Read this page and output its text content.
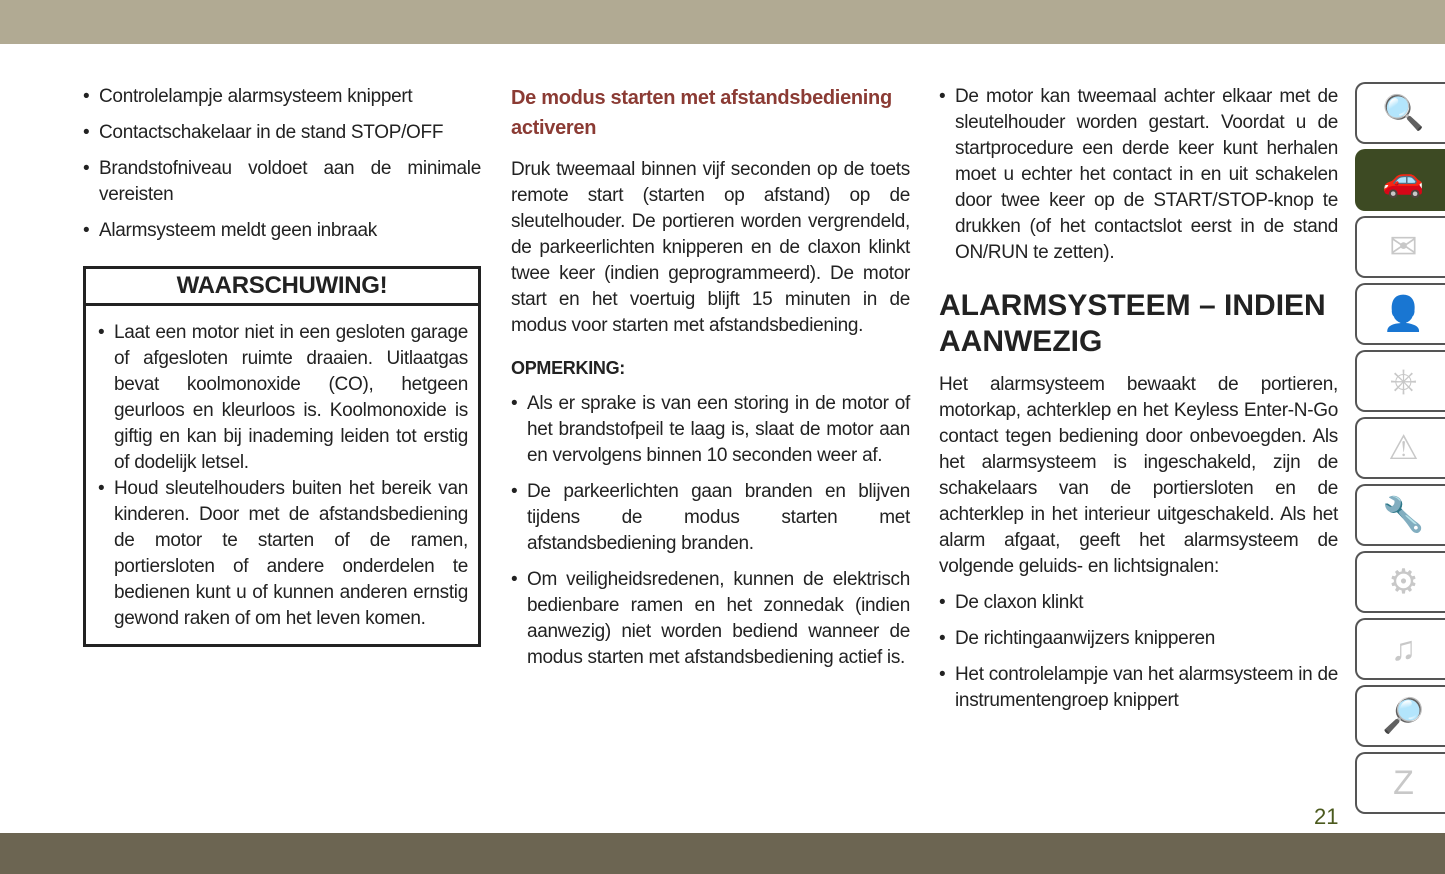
• Controlelampje alarmsysteem knippert
• Contactschakelaar in de stand STOP/OFF
• Brandstofniveau voldoet aan de minimale vereisten
• Alarmsysteem meldt geen inbraak
WAARSCHUWING!
• Laat een motor niet in een gesloten garage of afgesloten ruimte draaien. Uitlaatgas bevat koolmonoxide (CO), hetgeen geurloos en kleurloos is. Koolmonoxide is giftig en kan bij inademing leiden tot erstig of dodelijk letsel.
• Houd sleutelhouders buiten het bereik van kinderen. Door met de afstandsbediening de motor te starten of de ramen, portiersloten of andere onderdelen te bedienen kunt u of kunnen anderen ernstig gewond raken of om het leven komen.
De modus starten met afstandsbediening activeren

Druk tweemaal binnen vijf seconden op de toets remote start (starten op afstand) op de sleutelhouder. De portieren worden vergrendeld, de parkeerlichten knipperen en de claxon klinkt twee keer (indien geprogrammeerd). De motor start en het voertuig blijft 15 minuten in de modus voor starten met afstandsbediening.

OPMERKING:
• Als er sprake is van een storing in de motor of het brandstofpeil te laag is, slaat de motor aan en vervolgens binnen 10 seconden weer af.
• De parkeerlichten gaan branden en blijven tijdens de modus starten met afstandsbediening branden.
• Om veiligheidsredenen, kunnen de elektrisch bedienbare ramen en het zonnedak (indien aanwezig) niet worden bediend wanneer de modus starten met afstandsbediening actief is.
• De motor kan tweemaal achter elkaar met de sleutelhouder worden gestart. Voordat u de startprocedure een derde keer kunt herhalen moet u echter het contact in en uit schakelen door twee keer op de START/STOP-knop te drukken (of het contactslot eerst in de stand ON/RUN te zetten).
ALARMSYSTEEM – INDIEN AANWEZIG

Het alarmsysteem bewaakt de portieren, motorkap, achterklep en het Keyless Enter-N-Go contact tegen bediening door onbevoegden. Als het alarmsysteem is ingeschakeld, zijn de schakelaars van de portiersloten en de achterklep in het interieur uitgeschakeld. Als het alarm afgaat, geeft het alarmsysteem de volgende geluids- en lichtsignalen:

• De claxon klinkt
• De richtingaanwijzers knipperen
• Het controlelampje van het alarmsysteem in de instrumentengroep knippert
🔍
🚗
✉
👤
⎈
⚠
🔧
⚙
♫
🔎
Z
21
